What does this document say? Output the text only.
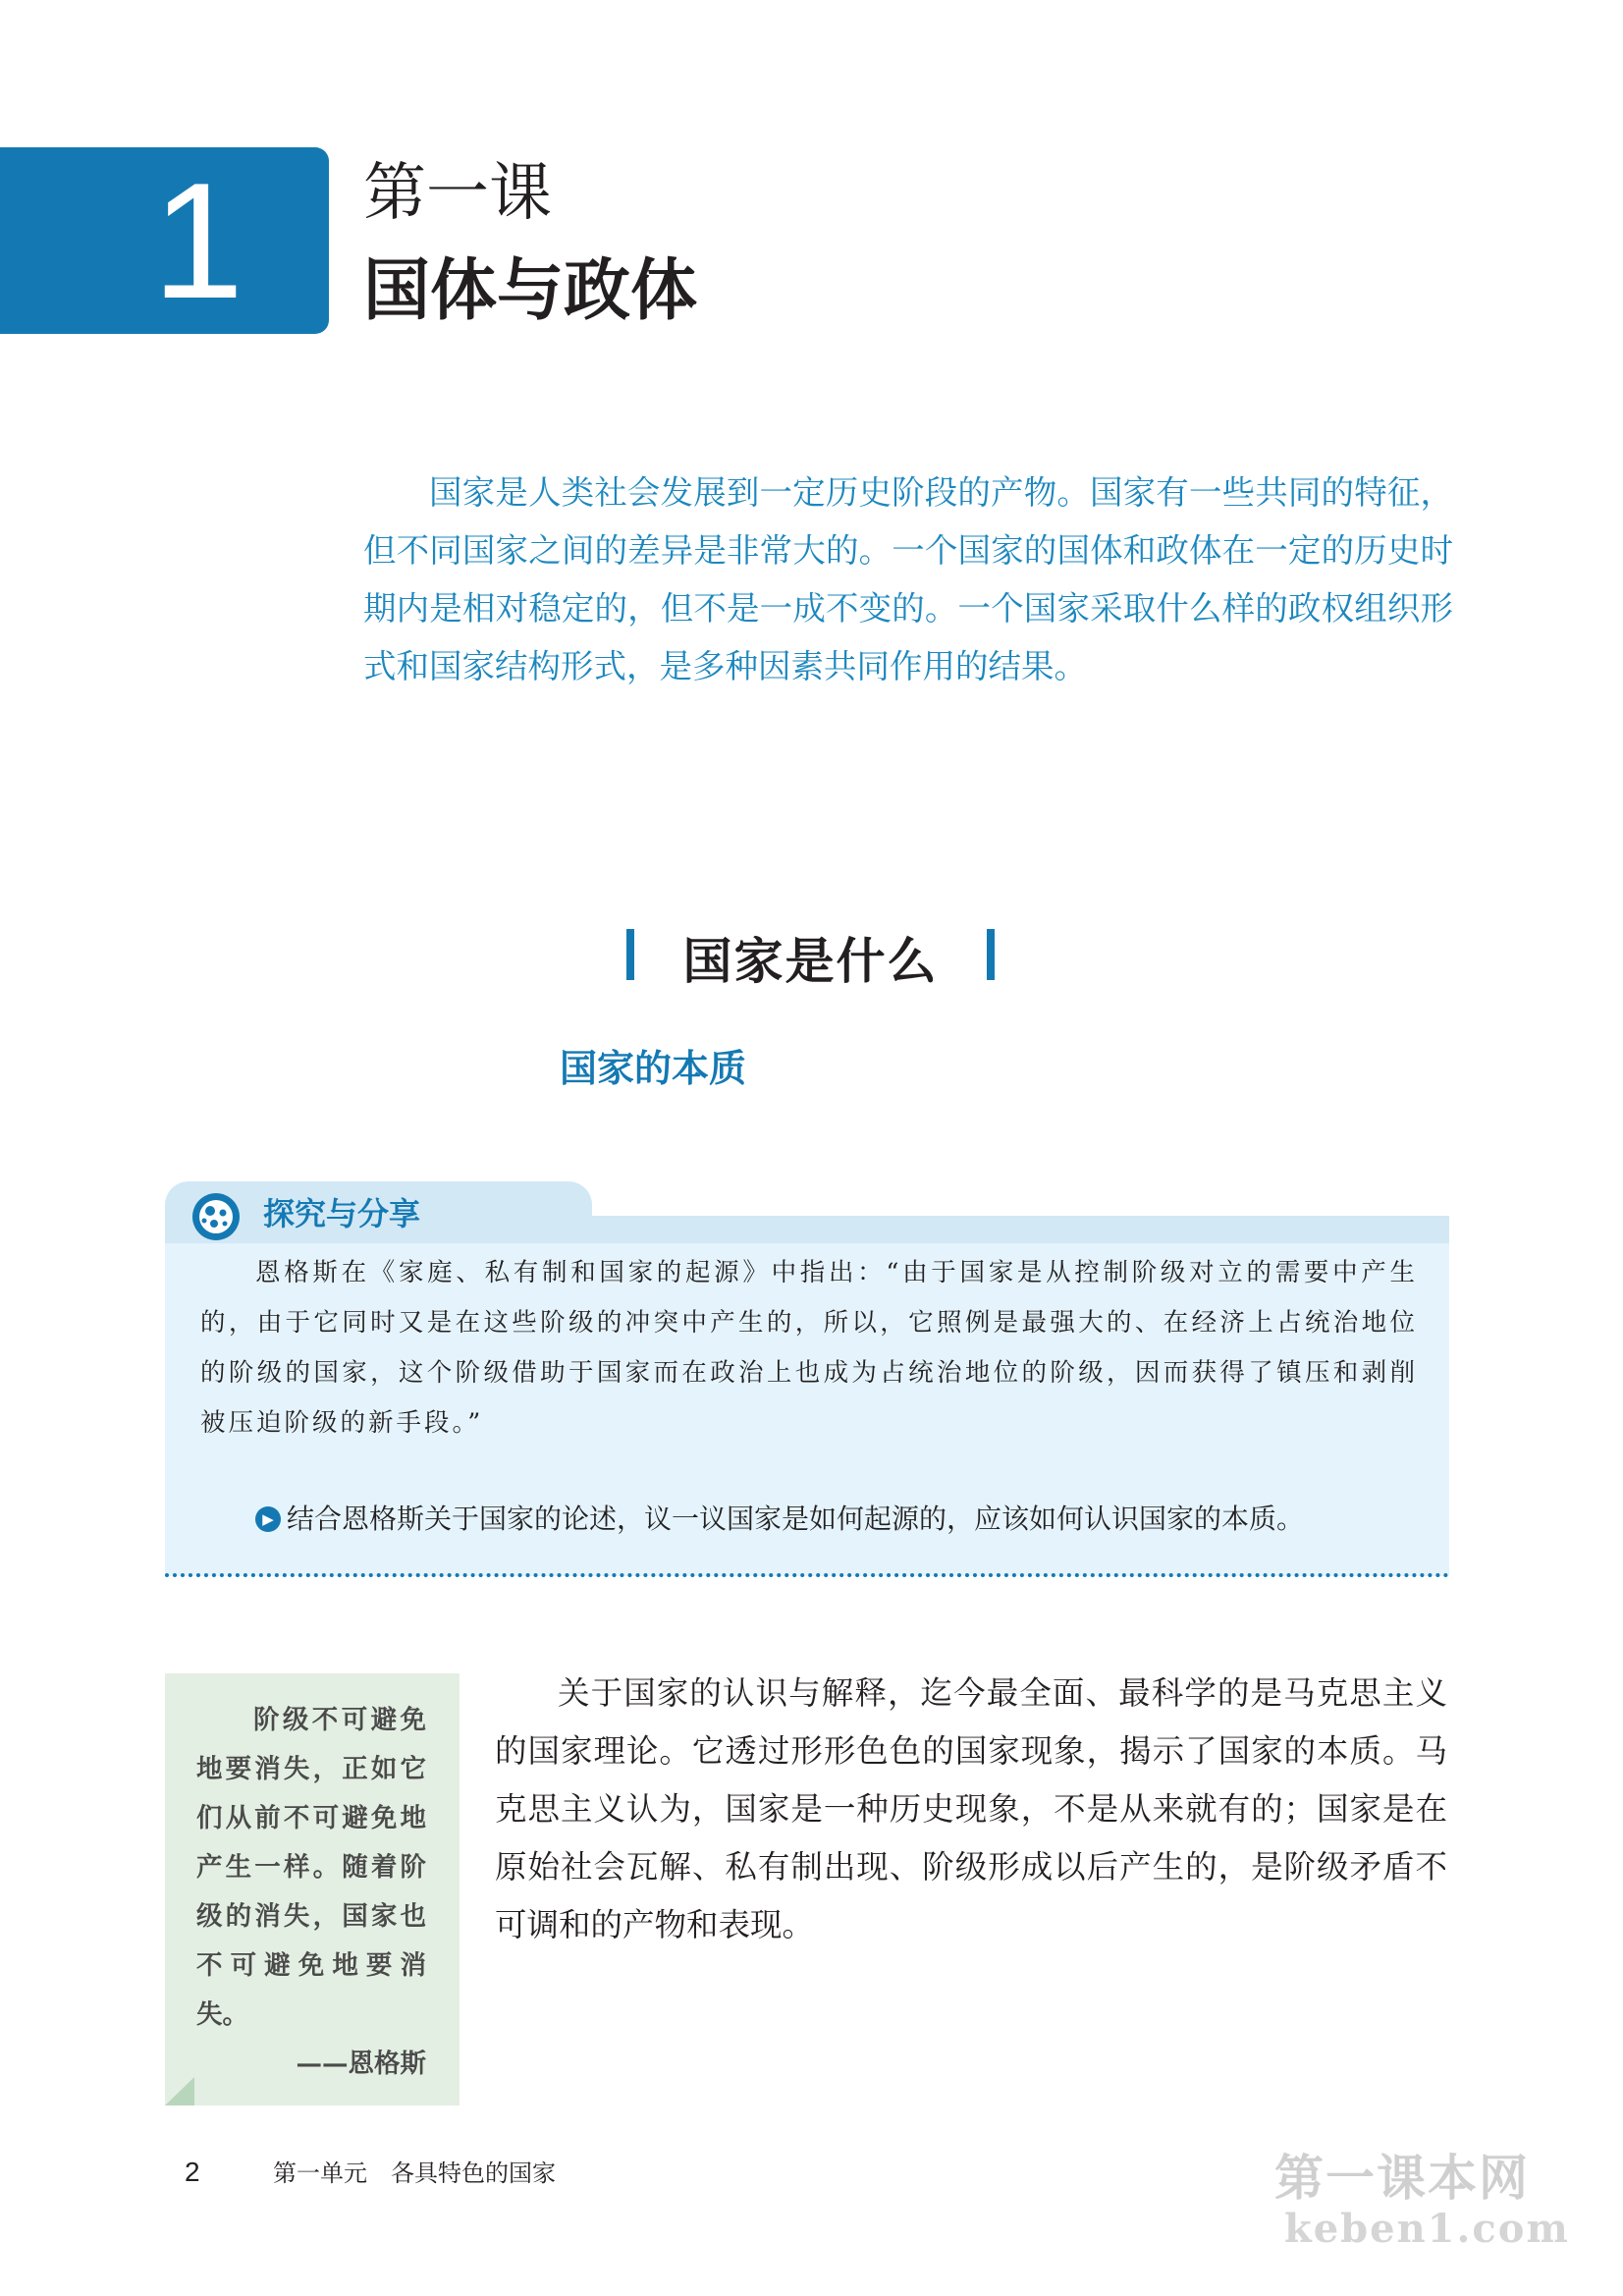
1 第一课
国体与政体

国家是人类社会发展到一定历史阶段的产物。国家有一些共同的特征，但不同国家之间的差异是非常大的。一个国家的国体和政体在一定的历史时期内是相对稳定的，但不是一成不变的。一个国家采取什么样的政权组织形式和国家结构形式，是多种因素共同作用的结果。

国家是什么
国家的本质
探究与分享

恩格斯在《家庭、私有制和国家的起源》中指出：“由于国家是从控制阶级对立的需要中产生的，由于它同时又是在这些阶级的冲突中产生的，所以，它照例是最强大的、在经济上占统治地位的阶级的国家，这个阶级借助于国家而在政治上也成为占统治地位的阶级，因而获得了镇压和剥削被压迫阶级的新手段。”

▶ 结合恩格斯关于国家的论述，议一议国家是如何起源的，应该如何认识国家的本质。

阶级不可避免地要消失，正如它们从前不可避免地产生一样。随着阶级的消失，国家也不可避免地要消失。

——恩格斯

关于国家的认识与解释，迄今最全面、最科学的是马克思主义的国家理论。它透过形形色色的国家现象，揭示了国家的本质。马克思主义认为，国家是一种历史现象，不是从来就有的；国家是在原始社会瓦解、私有制出现、阶级形成以后产生的，是阶级矛盾不可调和的产物和表现。

2	第一单元　各具特色的国家	第一课本网
keben1.com
